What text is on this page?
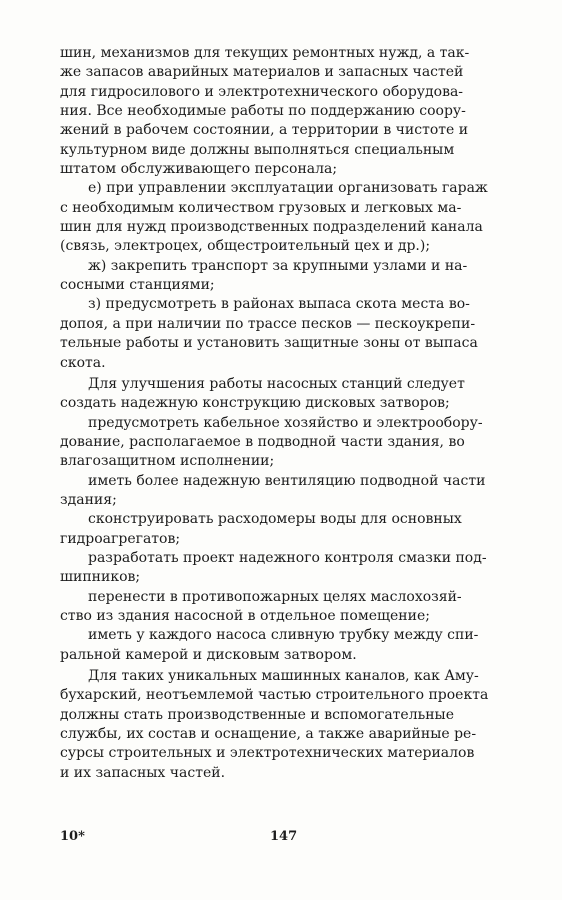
шин, механизмов для текущих ремонтных нужд, а так-
же запасов аварийных материалов и запасных частей
для гидросилового и электротехнического оборудова-
ния. Все необходимые работы по поддержанию соору-
жений в рабочем состоянии, а территории в чистоте и
культурном виде должны выполняться специальным
штатом обслуживающего персонала;
е) при управлении эксплуатации организовать гараж
с необходимым количеством грузовых и легковых ма-
шин для нужд производственных подразделений канала
(связь, электроцех, общестроительный цех и др.);
ж) закрепить транспорт за крупными узлами и на-
сосными станциями;
з) предусмотреть в районах выпаса скота места во-
допоя, а при наличии по трассе песков — пескоукрепи-
тельные работы и установить защитные зоны от выпаса
скота.
Для улучшения работы насосных станций следует
создать надежную конструкцию дисковых затворов;
предусмотреть кабельное хозяйство и электрообору-
дование, располагаемое в подводной части здания, во
влагозащитном исполнении;
иметь более надежную вентиляцию подводной части
здания;
сконструировать расходомеры воды для основных
гидроагрегатов;
разработать проект надежного контроля смазки под-
шипников;
перенести в противопожарных целях маслохозяй-
ство из здания насосной в отдельное помещение;
иметь у каждого насоса сливную трубку между спи-
ральной камерой и дисковым затвором.
Для таких уникальных машинных каналов, как Аму-
бухарский, неотъемлемой частью строительного проекта
должны стать производственные и вспомогательные
службы, их состав и оснащение, а также аварийные ре-
сурсы строительных и электротехнических материалов
и их запасных частей.
10*	147
